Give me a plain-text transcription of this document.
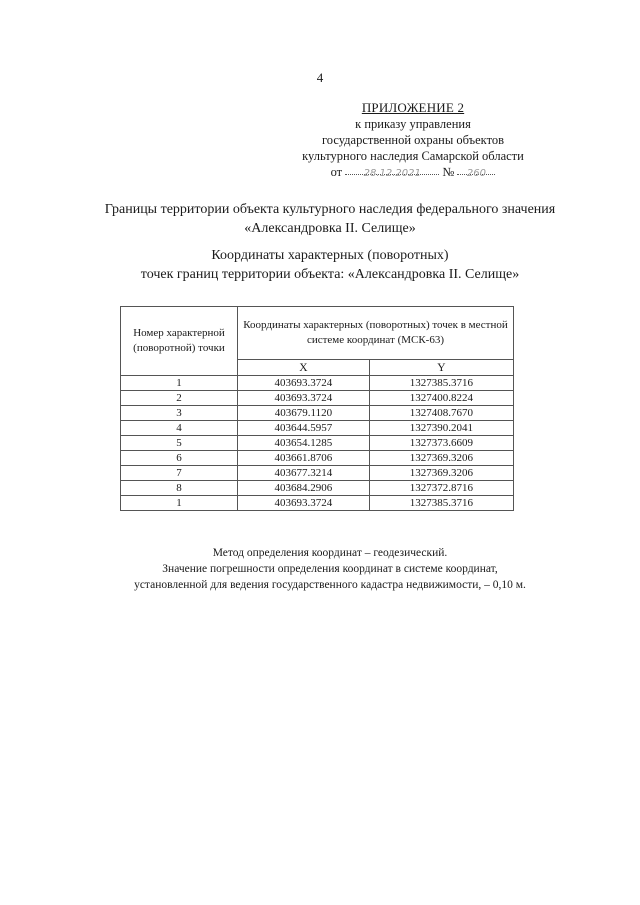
4
ПРИЛОЖЕНИЕ 2
к приказу управления
государственной охраны объектов
культурного наследия Самарской области
от 28.12.2021 № 260
Границы территории объекта культурного наследия федерального значения
«Александровка II. Селище»
Координаты характерных (поворотных)
точек границ территории объекта: «Александровка II. Селище»
Номер характерной (поворотной) точки	Координаты характерных (поворотных) точек в местной системе координат (МСК-63)	
	X	Y
1	403693.3724	1327385.3716
2	403693.3724	1327400.8224
3	403679.1120	1327408.7670
4	403644.5957	1327390.2041
5	403654.1285	1327373.6609
6	403661.8706	1327369.3206
7	403677.3214	1327369.3206
8	403684.2906	1327372.8716
1	403693.3724	1327385.3716
Метод определения координат – геодезический.
Значение погрешности определения координат в системе координат,
установленной для ведения государственного кадастра недвижимости, – 0,10 м.
